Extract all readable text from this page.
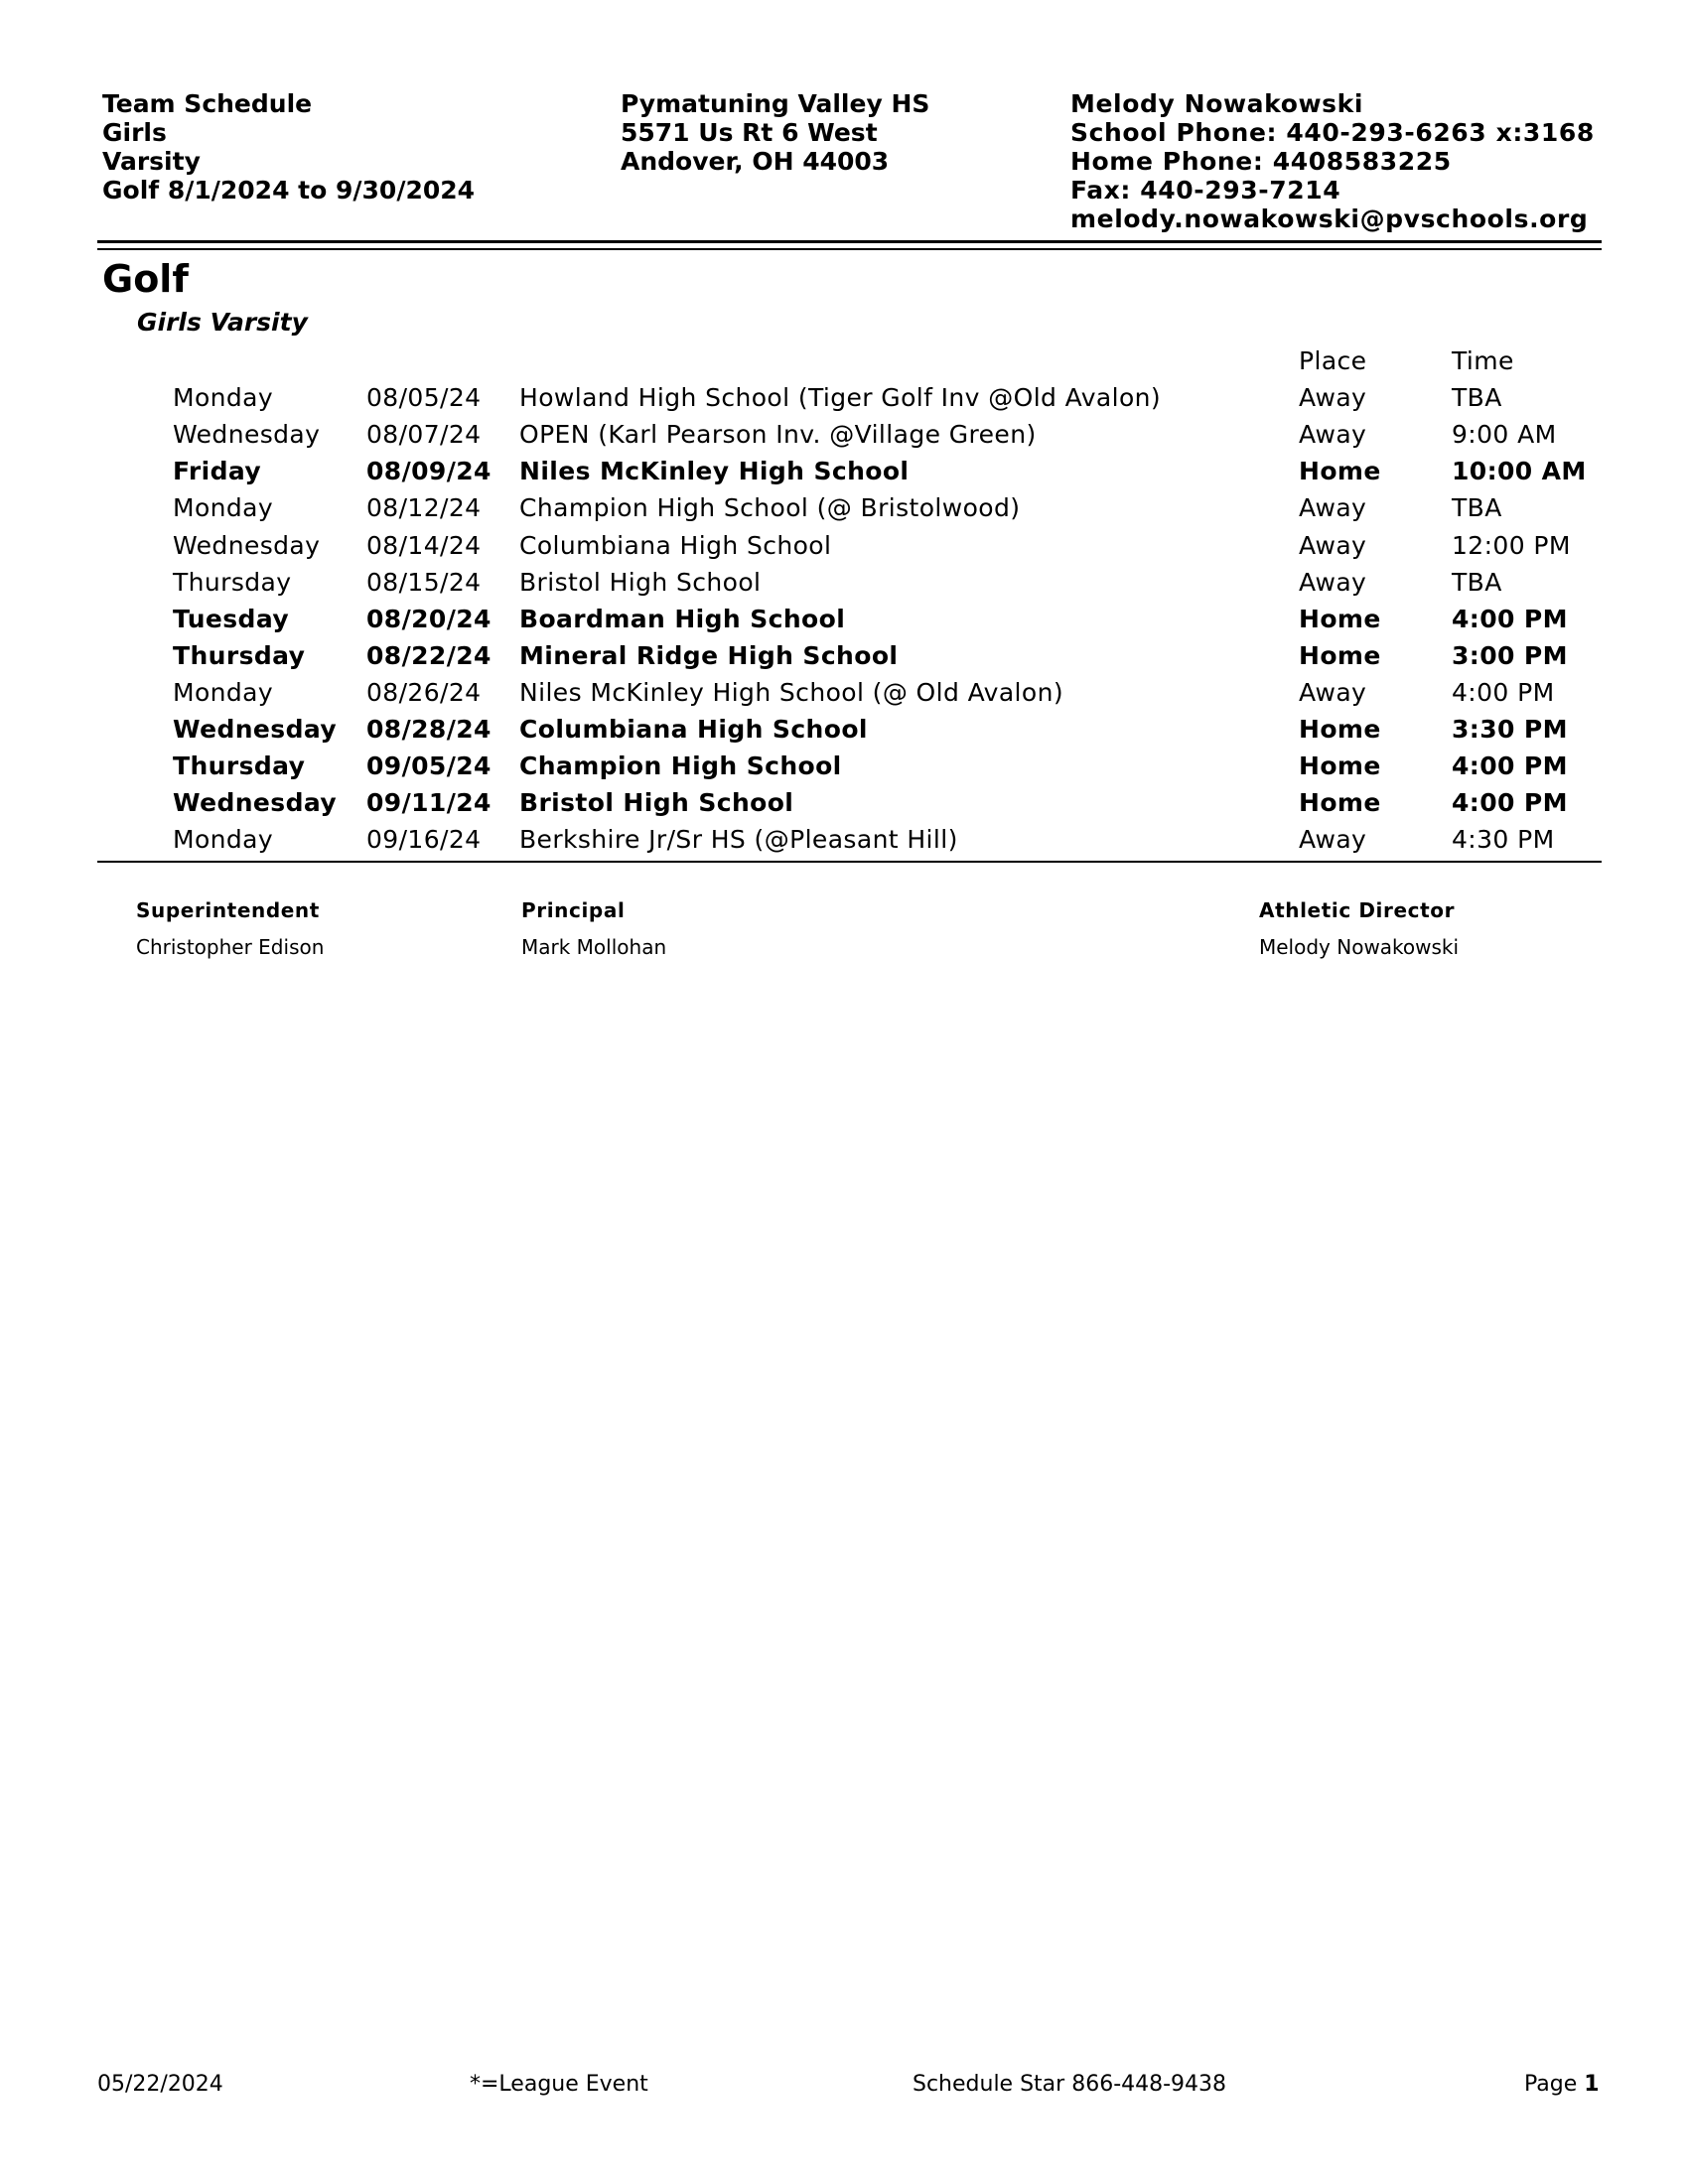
Team Schedule
Girls
Varsity
Golf 8/1/2024 to 9/30/2024
Pymatuning Valley HS
5571 Us Rt 6 West
Andover, OH 44003
Melody Nowakowski
School Phone: 440-293-6263 x:3168
Home Phone: 4408583225
Fax: 440-293-7214
melody.nowakowski@pvschools.org
Golf
Girls Varsity
Place	Time
Monday	08/05/24 Howland High School (Tiger Golf Inv @Old Avalon)	Away	TBA
Wednesday 08/07/24 OPEN (Karl Pearson Inv. @Village Green)	Away	9:00 AM
Friday	08/09/24 Niles McKinley High School	Home	10:00 AM
Monday	08/12/24 Champion High School (@ Bristolwood)	Away	TBA
Wednesday 08/14/24 Columbiana High School	Away	12:00 PM
Thursday	08/15/24 Bristol High School	Away	TBA
Tuesday	08/20/24 Boardman High School	Home	4:00 PM
Thursday 08/22/24 Mineral Ridge High School	Home	3:00 PM
Monday	08/26/24 Niles McKinley High School (@ Old Avalon)	Away	4:00 PM
Wednesday 08/28/24 Columbiana High School	Home	3:30 PM
Thursday 09/05/24 Champion High School	Home	4:00 PM
Wednesday 09/11/24 Bristol High School	Home	4:00 PM
Monday	09/16/24 Berkshire Jr/Sr HS (@Pleasant Hill)	Away	4:30 PM
Superintendent
Christopher Edison
Principal
Mark Mollohan
Athletic Director
Melody Nowakowski
05/22/2024	*=League Event	Schedule Star 866-448-9438	Page 1
